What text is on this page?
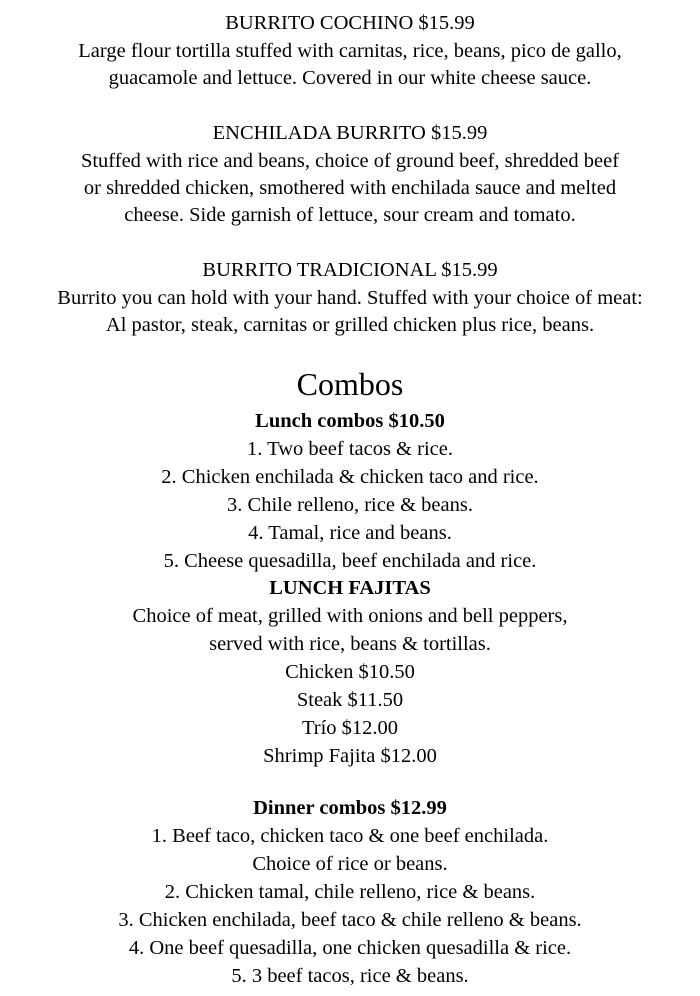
BURRITO COCHINO $15.99
Large flour tortilla stuffed with carnitas, rice, beans, pico de gallo,
guacamole and lettuce. Covered in our white cheese sauce.
ENCHILADA BURRITO $15.99
Stuffed with rice and beans, choice of ground beef, shredded beef
or shredded chicken, smothered with enchilada sauce and melted
cheese. Side garnish of lettuce, sour cream and tomato.
BURRITO TRADICIONAL $15.99
Burrito you can hold with your hand. Stuffed with your choice of meat:
Al pastor, steak, carnitas or grilled chicken plus rice, beans.
Combos
Lunch combos $10.50
1. Two beef tacos & rice.
2. Chicken enchilada & chicken taco and rice.
3. Chile relleno, rice & beans.
4. Tamal, rice and beans.
5. Cheese quesadilla, beef enchilada and rice.
LUNCH FAJITAS
Choice of meat, grilled with onions and bell peppers,
served with rice, beans & tortillas.
Chicken $10.50
Steak $11.50
Trío $12.00
Shrimp Fajita $12.00
Dinner combos $12.99
1. Beef taco, chicken taco & one beef enchilada.
Choice of rice or beans.
2. Chicken tamal, chile relleno, rice & beans.
3. Chicken enchilada, beef taco & chile relleno & beans.
4. One beef quesadilla, one chicken quesadilla & rice.
5. 3 beef tacos, rice & beans.
